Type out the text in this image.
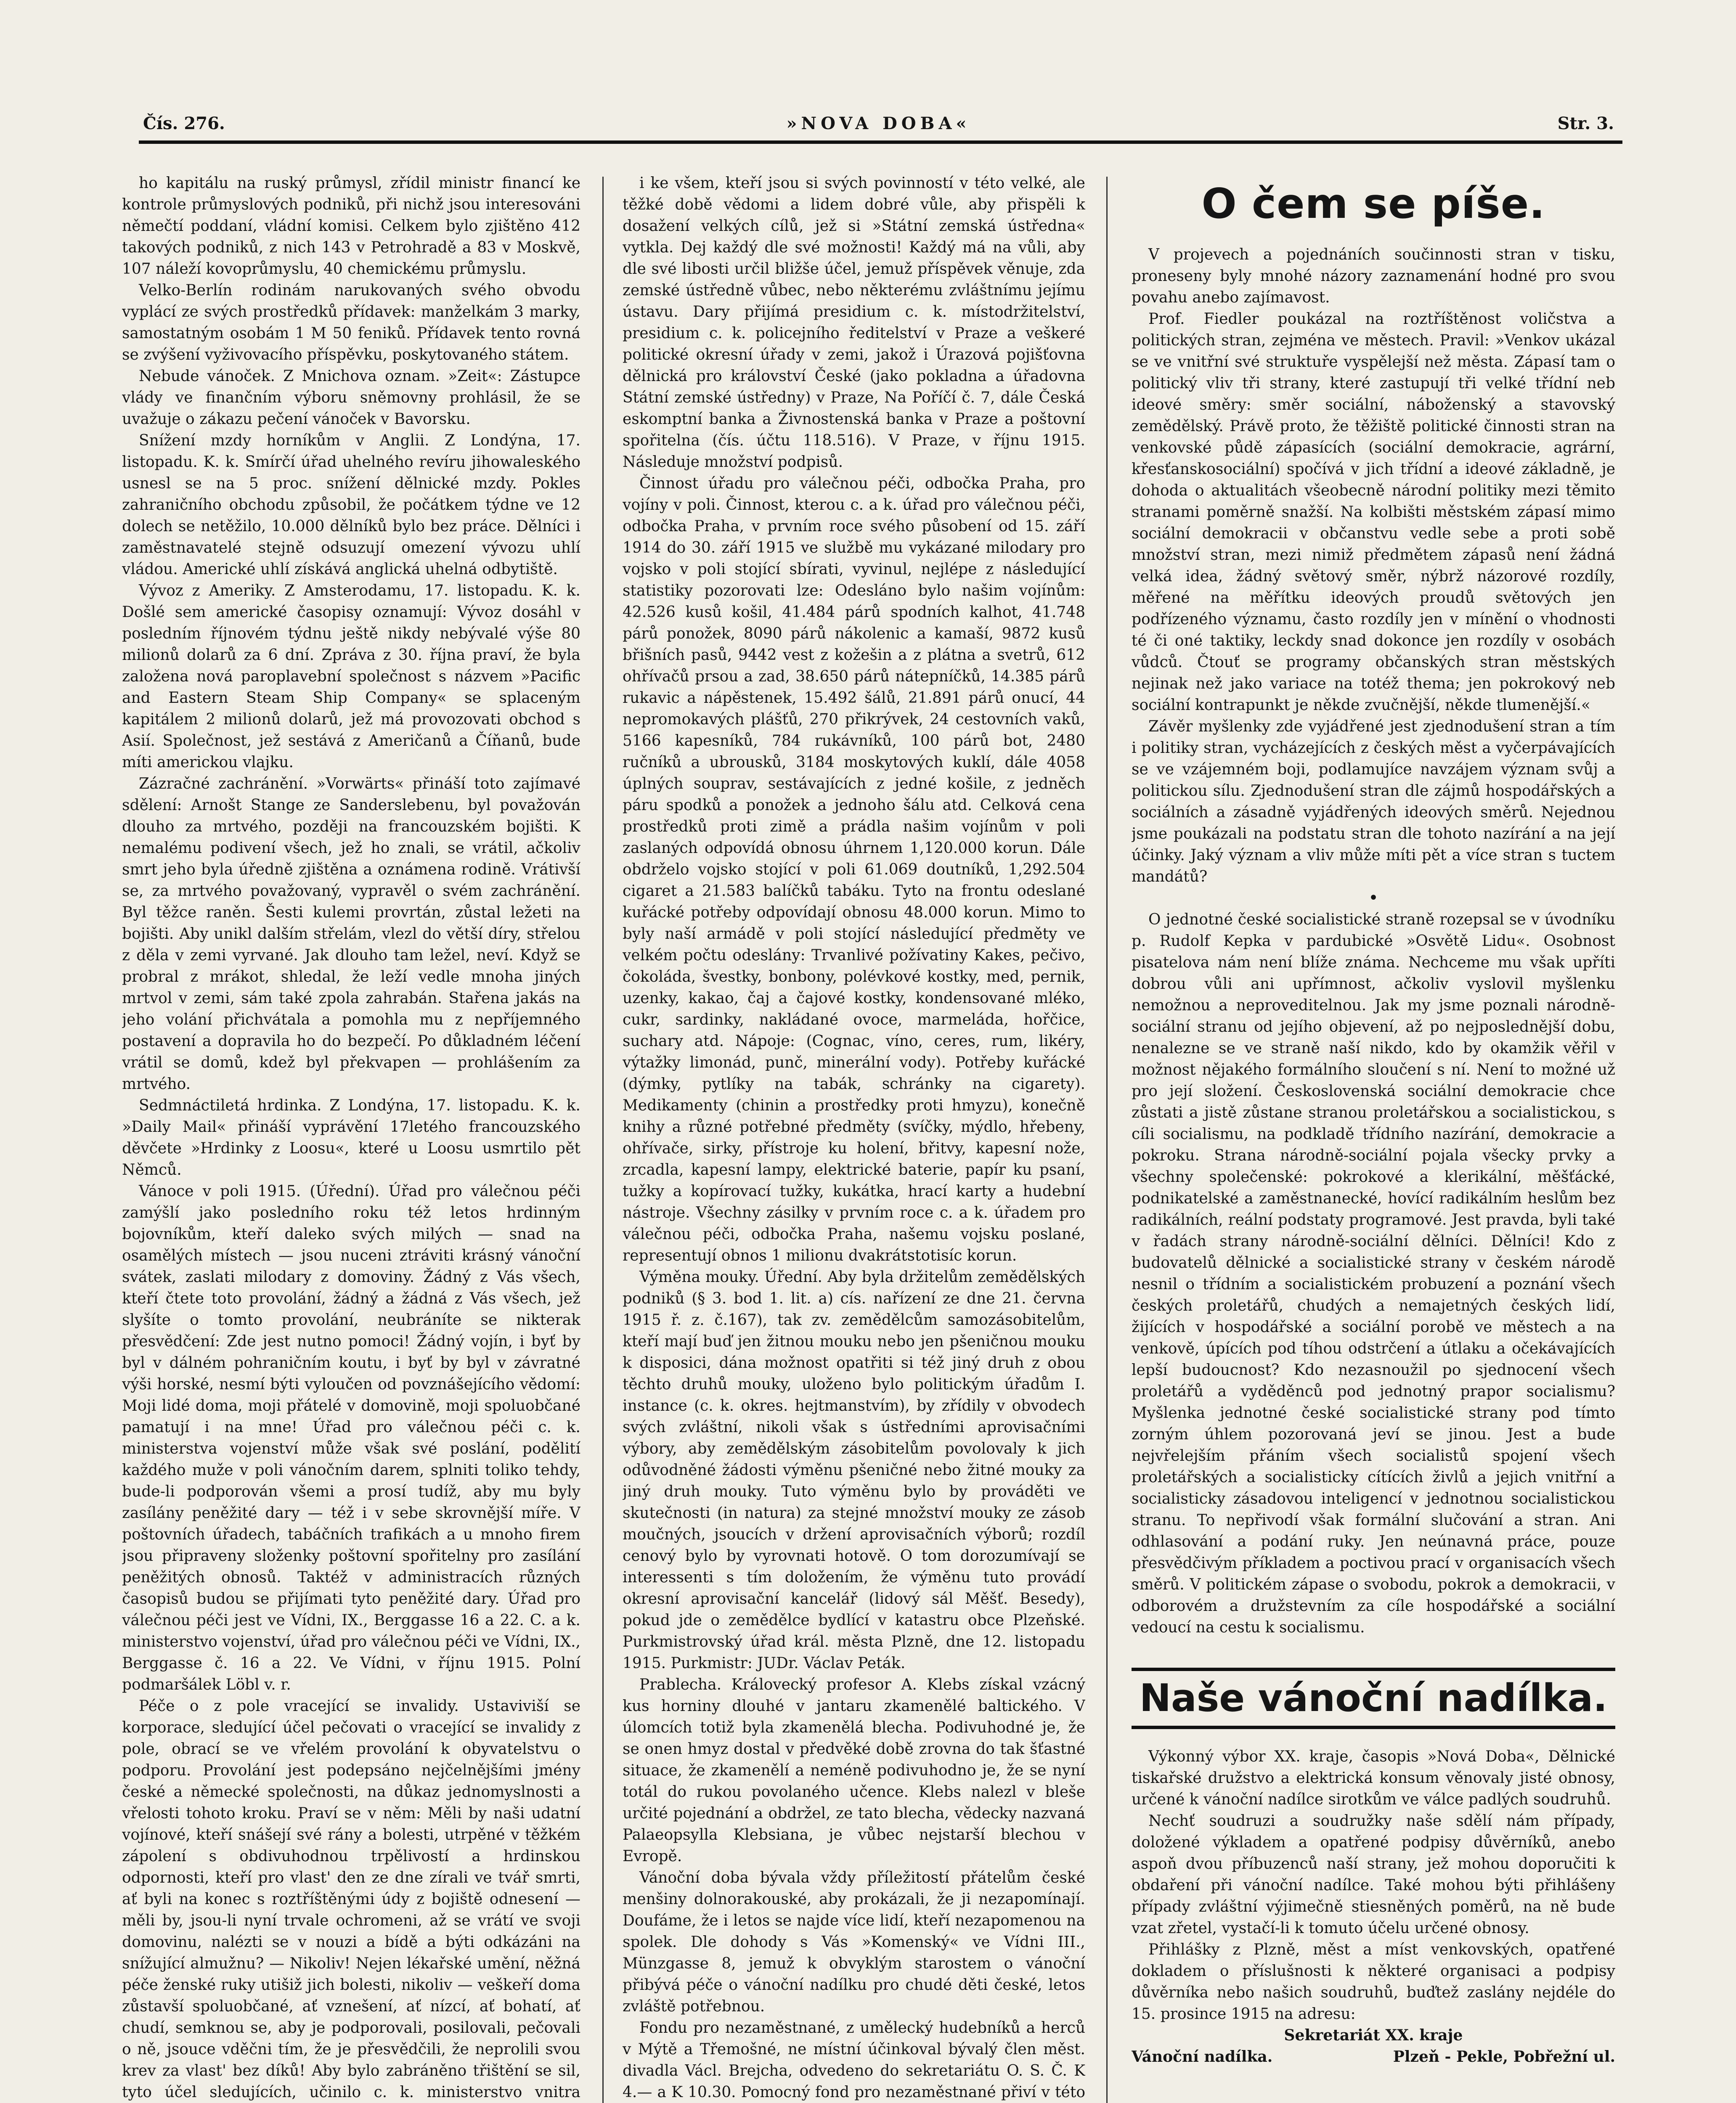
Čís. 276.	»NOVA DOBA«	Str. 3.

ho kapitálu na ruský průmysl, zřídil ministr financí ke kontrole průmyslových podniků, při nichž jsou interesováni němečtí poddaní, vládní komisi. Celkem bylo zjištěno 412 takových podniků, z nich 143 v Petrohradě a 83 v Moskvě, 107 náleží kovoprůmyslu, 40 chemickému průmyslu.

Velko-Berlín rodinám narukovaných svého obvodu vyplácí ze svých prostředků přídavek: manželkám 3 marky, samostatným osobám 1 M 50 feniků. Přídavek tento rovná se zvýšení vyživovacího příspěvku, poskytovaného státem.

Nebude vánoček. Z Mnichova oznam. »Zeit«: Zástupce vlády ve finančním výboru sněmovny prohlásil, že se uvažuje o zákazu pečení vánoček v Bavorsku.

Snížení mzdy horníkům v Anglii. Z Londýna, 17. listopadu. K. k. Smírčí úřad uhelného revíru jihowaleského usnesl se na 5 proc. snížení dělnické mzdy. Pokles zahraničního obchodu způsobil, že počátkem týdne ve 12 dolech se netěžilo, 10.000 dělníků bylo bez práce. Dělníci i zaměstnavatelé stejně odsuzují omezení vývozu uhlí vládou. Americké uhlí získává anglická uhelná odbytiště.

Vývoz z Ameriky. Z Amsterodamu, 17. listopadu. K. k. Došlé sem americké časopisy oznamují: Vývoz dosáhl v posledním říjnovém týdnu ještě nikdy nebývalé výše 80 milionů dolarů za 6 dní. Zpráva z 30. října praví, že byla založena nová paroplavební společnost s názvem »Pacific and Eastern Steam Ship Company« se splaceným kapitálem 2 milionů dolarů, jež má provozovati obchod s Asií. Společnost, jež sestává z Američanů a Číňanů, bude míti americkou vlajku.

Zázračné zachránění. »Vorwärts« přináší toto zajímavé sdělení: Arnošt Stange ze Sanderslebenu, byl považován dlouho za mrtvého, později na francouzském bojišti. K nemalému podivení všech, jež ho znali, se vrátil, ačkoliv smrt jeho byla úředně zjištěna a oznámena rodině. Vrátivší se, za mrtvého považovaný, vypravěl o svém zachránění. Byl těžce raněn. Šesti kulemi provrtán, zůstal ležeti na bojišti. Aby unikl dalším střelám, vlezl do větší díry, střelou z děla v zemi vyrvané. Jak dlouho tam ležel, neví. Když se probral z mrákot, shledal, že leží vedle mnoha jiných mrtvol v zemi, sám také zpola zahrabán. Stařena jakás na jeho volání přichvátala a pomohla mu z nepříjemného postavení a dopravila ho do bezpečí. Po důkladném léčení vrátil se domů, kdež byl překvapen — prohlášením za mrtvého.

Sedmnáctiletá hrdinka. Z Londýna, 17. listopadu. K. k. »Daily Mail« přináší vyprávění 17letého francouzského děvčete »Hrdinky z Loosu«, které u Loosu usmrtilo pět Němců.

Vánoce v poli 1915. (Úřední). Úřad pro válečnou péči zamýšlí jako posledního roku též letos hrdinným bojovníkům, kteří daleko svých milých — snad na osamělých místech — jsou nuceni ztráviti krásný vánoční svátek, zaslati milodary z domoviny. Žádný z Vás všech, kteří čtete toto provolání, žádný a žádná z Vás všech, jež slyšíte o tomto provolání, neubráníte se nikterak přesvědčení: Zde jest nutno pomoci! Žádný vojín, i byť by byl v dálném pohraničním koutu, i byť by byl v závratné výši horské, nesmí býti vyloučen od povznášejícího vědomí: Moji lidé doma, moji přátelé v domovině, moji spoluobčané pamatují i na mne! Úřad pro válečnou péči c. k. ministerstva vojenství může však své poslání, podělití každého muže v poli vánočním darem, splniti toliko tehdy, bude-li podporován všemi a prosí tudíž, aby mu byly zasílány peněžité dary — též i v sebe skrovnější míře. V poštovních úřadech, tabáčních trafikách a u mnoho firem jsou připraveny složenky poštovní spořitelny pro zasílání peněžitých obnosů. Taktéž v administracích různých časopisů budou se přijímati tyto peněžité dary. Úřad pro válečnou péči jest ve Vídni, IX., Berggasse 16 a 22. C. a k. ministerstvo vojenství, úřad pro válečnou péči ve Vídni, IX., Berggasse č. 16 a 22. Ve Vídni, v říjnu 1915. Polní podmaršálek Löbl v. r.

Péče o z pole vracející se invalidy. Ustaviviší se korporace, sledující účel pečovati o vracející se invalidy z pole, obrací se ve vřelém provolání k obyvatelstvu o podporu. Provolání jest podepsáno nejčelnějšími jmény české a německé společnosti, na důkaz jednomyslnosti a vřelosti tohoto kroku. Praví se v něm: Měli by naši udatní vojínové, kteří snášejí své rány a bolesti, utrpěné v těžkém zápolení s obdivuhodnou trpělivostí a hrdinskou odpornosti, kteří pro vlast' den ze dne zírali ve tvář smrti, ať byli na konec s roztříštěnými údy z bojiště odnesení — měli by, jsou-li nyní trvale ochromeni, až se vrátí ve svoji domovinu, nalézti se v nouzi a bídě a býti odkázáni na snížující almužnu? — Nikoliv! Nejen lékařské umění, něžná péče ženské ruky utišiž jich bolesti, nikoliv — veškeří doma zůstavší spoluobčané, ať vznešení, ať nízcí, ať bohatí, ať chudí, semknou se, aby je podporovali, posilovali, pečovali o ně, jsouce vděčni tím, že je přesvědčili, že neprolili svou krev za vlast' bez díků! Aby bylo zabráněno třištění se sil, tyto účel sledujících, učinilo c. k. ministerstvo vnitra

i ke všem, kteří jsou si svých povinností v této velké, ale těžké době vědomi a lidem dobré vůle, aby přispěli k dosažení velkých cílů, jež si »Státní zemská ústředna« vytkla. Dej každý dle své možnosti! Každý má na vůli, aby dle své libosti určil bližše účel, jemuž příspěvek věnuje, zda zemské ústředně vůbec, nebo některému zvláštnímu jejímu ústavu. Dary přijímá presidium c. k. místodržitelství, presidium c. k. policejního ředitelství v Praze a veškeré politické okresní úřady v zemi, jakož i Úrazová pojišťovna dělnická pro království České (jako pokladna a úřadovna Státní zemské ústředny) v Praze, Na Poříčí č. 7, dále Česká eskomptní banka a Živnostenská banka v Praze a poštovní spořitelna (čís. účtu 118.516). V Praze, v říjnu 1915. Následuje množství podpisů.

Činnost úřadu pro válečnou péči, odbočka Praha, pro vojíny v poli. Činnost, kterou c. a k. úřad pro válečnou péči, odbočka Praha, v prvním roce svého působení od 15. září 1914 do 30. září 1915 ve službě mu vykázané milodary pro vojsko v poli stojící sbírati, vyvinul, nejlépe z následující statistiky pozorovati lze: Odesláno bylo našim vojínům: 42.526 kusů košil, 41.484 párů spodních kalhot, 41.748 párů ponožek, 8090 párů nákolenic a kamaší, 9872 kusů břišních pasů, 9442 vest z kožešin a z plátna a svetrů, 612 ohřívačů prsou a zad, 38.650 párů nátepníčků, 14.385 párů rukavic a nápěstenek, 15.492 šálů, 21.891 párů onucí, 44 nepromokavých plášťů, 270 přikrývek, 24 cestovních vaků, 5166 kapesníků, 784 rukávníků, 100 párů bot, 2480 ručníků a ubrousků, 3184 moskytových kuklí, dále 4058 úplných souprav, sestávajících z jedné košile, z jedněch páru spodků a ponožek a jednoho šálu atd. Celková cena prostředků proti zimě a prádla našim vojínům v poli zaslaných odpovídá obnosu úhrnem 1,120.000 korun. Dále obdrželo vojsko stojící v poli 61.069 doutníků, 1,292.504 cigaret a 21.583 balíčků tabáku. Tyto na frontu odeslané kuřácké potřeby odpovídají obnosu 48.000 korun. Mimo to byly naší armádě v poli stojící následující předměty ve velkém počtu odeslány: Trvanlivé požívatiny Kakes, pečivo, čokoláda, švestky, bonbony, polévkové kostky, med, pernik, uzenky, kakao, čaj a čajové kostky, kondensované mléko, cukr, sardinky, nakládané ovoce, marmeláda, hořčice, suchary atd. Nápoje: (Cognac, víno, ceres, rum, likéry, výtažky limonád, punč, minerální vody). Potřeby kuřácké (dýmky, pytlíky na tabák, schránky na cigarety). Medikamenty (chinin a prostředky proti hmyzu), konečně knihy a různé potřebné předměty (svíčky, mýdlo, hřebeny, ohřívače, sirky, přístroje ku holení, břitvy, kapesní nože, zrcadla, kapesní lampy, elektrické baterie, papír ku psaní, tužky a kopírovací tužky, kukátka, hrací karty a hudební nástroje. Všechny zásilky v prvním roce c. a k. úřadem pro válečnou péči, odbočka Praha, našemu vojsku poslané, representují obnos 1 milionu dvakrátstotisíc korun.

Výměna mouky. Úřední. Aby byla držitelům zemědělských podniků (§ 3. bod 1. lit. a) cís. nařízení ze dne 21. června 1915 ř. z. č.167), tak zv. zemědělcům samozásobitelům, kteří mají buď jen žitnou mouku nebo jen pšeničnou mouku k disposici, dána možnost opatřiti si též jiný druh z obou těchto druhů mouky, uloženo bylo politickým úřadům I. instance (c. k. okres. hejtmanstvím), by zřídily v obvodech svých zvláštní, nikoli však s ústředními aprovisačními výbory, aby zemědělským zásobitelům povolovaly k jich odůvodněné žádosti výměnu pšeničné nebo žitné mouky za jiný druh mouky. Tuto výměnu bylo by prováděti ve skutečnosti (in natura) za stejné množství mouky ze zásob moučných, jsoucích v držení aprovisačních výborů; rozdíl cenový bylo by vyrovnati hotově. O tom dorozumívají se interessenti s tím doložením, že výměnu tuto provádí okresní aprovisační kancelář (lidový sál Měšť. Besedy), pokud jde o zemědělce bydlící v katastru obce Plzeňské. Purkmistrovský úřad král. města Plzně, dne 12. listopadu 1915. Purkmistr: JUDr. Václav Peták.

Prablecha. Královecký profesor A. Klebs získal vzácný kus horniny dlouhé v jantaru zkamenělé baltického. V úlomcích totiž byla zkamenělá blecha. Podivuhodné je, že se onen hmyz dostal v předvěké době zrovna do tak šťastné situace, že zkamenělí a neméně podivuhodno je, že se nyní totál do rukou povolaného učence. Klebs nalezl v bleše určité pojednání a obdržel, ze tato blecha, vědecky nazvaná Palaeopsylla Klebsiana, je vůbec nejstarší blechou v Evropě.

Vánoční doba bývala vždy příležitostí přátelům české menšiny dolnorakouské, aby prokázali, že ji nezapomínají. Doufáme, že i letos se najde více lidí, kteří nezapomenou na spolek. Dle dohody s Vás »Komenský« ve Vídni III., Münzgasse 8, jemuž k obvyklým starostem o vánoční přibývá péče o vánoční nadílku pro chudé děti české, letos zvláště potřebnou.

Fondu pro nezaměstnané, z umělecký hudebníků a herců v Mýtě a Třemošné, ne místní účinkoval bývalý člen měst. divadla Václ. Brejcha, odvedeno do sekretariátu O. S. Č. K 4.— a K 10.30. Pomocný fond pro nezaměstnané přiví v této

O čem se píše.

V projevech a pojednáních součinnosti stran v tisku, proneseny byly mnohé názory zaznamenání hodné pro svou povahu anebo zajímavost.

Prof. Fiedler poukázal na roztříštěnost voličstva a politických stran, zejména ve městech. Pravil: »Venkov ukázal se ve vnitřní své struktuře vyspělejší než města. Zápasí tam o politický vliv tři strany, které zastupují tři velké třídní neb ideové směry: směr sociální, náboženský a stavovský zemědělský. Právě proto, že těžiště politické činnosti stran na venkovské půdě zápasících (sociální demokracie, agrární, křesťanskosociální) spočívá v jich třídní a ideové základně, je dohoda o aktualitách všeobecně národní politiky mezi těmito stranami poměrně snažší. Na kolbišti městském zápasí mimo sociální demokracii v občanstvu vedle sebe a proti sobě množství stran, mezi nimiž předmětem zápasů není žádná velká idea, žádný světový směr, nýbrž názorové rozdíly, měřené na měřítku ideových proudů světových jen podřízeného významu, často rozdíly jen v mínění o vhodnosti té či oné taktiky, leckdy snad dokonce jen rozdíly v osobách vůdců. Čtouť se programy občanských stran městských nejinak než jako variace na totéž thema; jen pokrokový neb sociální kontrapunkt je někde zvučnější, někde tlumenější.«

Závěr myšlenky zde vyjádřené jest zjednodušení stran a tím i politiky stran, vycházejících z českých měst a vyčerpávajících se ve vzájemném boji, podlamujíce navzájem význam svůj a politickou sílu. Zjednodušení stran dle zájmů hospodářských a sociálních a zásadně vyjádřených ideových směrů. Nejednou jsme poukázali na podstatu stran dle tohoto nazírání a na její účinky. Jaký význam a vliv může míti pět a více stran s tuctem mandátů?

•

O jednotné české socialistické straně rozepsal se v úvodníku p. Rudolf Kepka v pardubické »Osvětě Lidu«. Osobnost pisatelova nám není blíže známa. Nechceme mu však upříti dobrou vůli ani upřímnost, ačkoliv vyslovil myšlenku nemožnou a neproveditelnou. Jak my jsme poznali národně-sociální stranu od jejího objevení, až po nejposlednější dobu, nenalezne se ve straně naší nikdo, kdo by okamžik věřil v možnost nějakého formálního sloučení s ní. Není to možné už pro její složení. Československá sociální demokracie chce zůstati a jistě zůstane stranou proletářskou a socialistickou, s cíli socialismu, na podkladě třídního nazírání, demokracie a pokroku. Strana národně-sociální pojala všecky prvky a všechny společenské: pokrokové a klerikální, měšťácké, podnikatelské a zaměstnanecké, hovící radikálním heslům bez radikálních, reální podstaty programové. Jest pravda, byli také v řadách strany národně-sociální dělníci. Dělníci! Kdo z budovatelů dělnické a socialistické strany v českém národě nesnil o třídním a socialistickém probuzení a poznání všech českých proletářů, chudých a nemajetných českých lidí, žijících v hospodářské a sociální porobě ve městech a na venkově, úpících pod tíhou odstrčení a útlaku a očekávajících lepší budoucnost? Kdo nezasnoužil po sjednocení všech proletářů a vyděděnců pod jednotný prapor socialismu? Myšlenka jednotné české socialistické strany pod tímto zorným úhlem pozorovaná jeví se jinou. Jest a bude nejvřelejším přáním všech socialistů spojení všech proletářských a socialisticky cítících živlů a jejich vnitřní a socialisticky zásadovou inteligencí v jednotnou socialistickou stranu. To nepřivodí však formální slučování a stran. Ani odhlasování a podání ruky. Jen neúnavná práce, pouze přesvědčivým příkladem a poctivou prací v organisacích všech směrů. V politickém zápase o svobodu, pokrok a demokracii, v odborovém a družstevním za cíle hospodářské a sociální vedoucí na cestu k socialismu.

Naše vánoční nadílka.

Výkonný výbor XX. kraje, časopis »Nová Doba«, Dělnické tiskařské družstvo a elektrická konsum věnovaly jisté obnosy, určené k vánoční nadílce sirotkům ve válce padlých soudruhů.

Nechť soudruzi a soudružky naše sdělí nám případy, doložené výkladem a opatřené podpisy důvěrníků, anebo aspoň dvou příbuzenců naší strany, jež mohou doporučiti k obdaření při vánoční nadílce. Také mohou býti přihlášeny případy zvláštní výjimečně stiesněných poměrů, na ně bude vzat zřetel, vystačí-li k tomuto účelu určené obnosy.

Přihlášky z Plzně, měst a míst venkovských, opatřené dokladem o příslušnosti k některé organisaci a podpisy důvěrníka nebo našich soudruhů, buďtež zaslány nejdéle do 15. prosince 1915 na adresu:

Sekretariát XX. kraje

Vánoční nadílka.	Plzeň - Pekle, Pobřežní ul.
